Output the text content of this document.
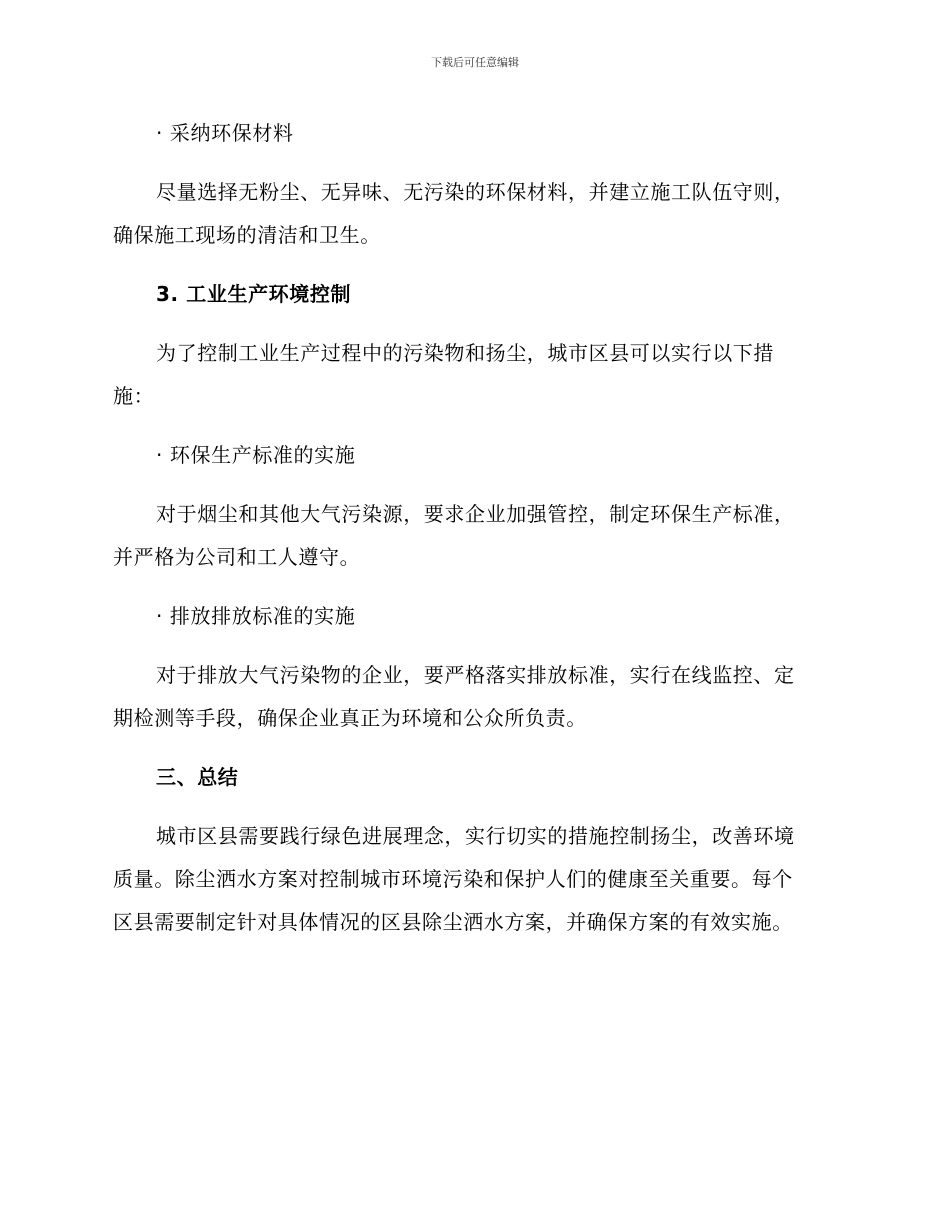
下载后可任意编辑

· 采纳环保材料

尽量选择无粉尘、无异味、无污染的环保材料，并建立施工队伍守则，

确保施工现场的清洁和卫生。

3. 工业生产环境控制

为了控制工业生产过程中的污染物和扬尘，城市区县可以实行以下措

施：

· 环保生产标准的实施

对于烟尘和其他大气污染源，要求企业加强管控，制定环保生产标准，

并严格为公司和工人遵守。

· 排放排放标准的实施

对于排放大气污染物的企业，要严格落实排放标准，实行在线监控、定

期检测等手段，确保企业真正为环境和公众所负责。

三、总结

城市区县需要践行绿色进展理念，实行切实的措施控制扬尘，改善环境

质量。除尘洒水方案对控制城市环境污染和保护人们的健康至关重要。每个

区县需要制定针对具体情况的区县除尘洒水方案，并确保方案的有效实施。
